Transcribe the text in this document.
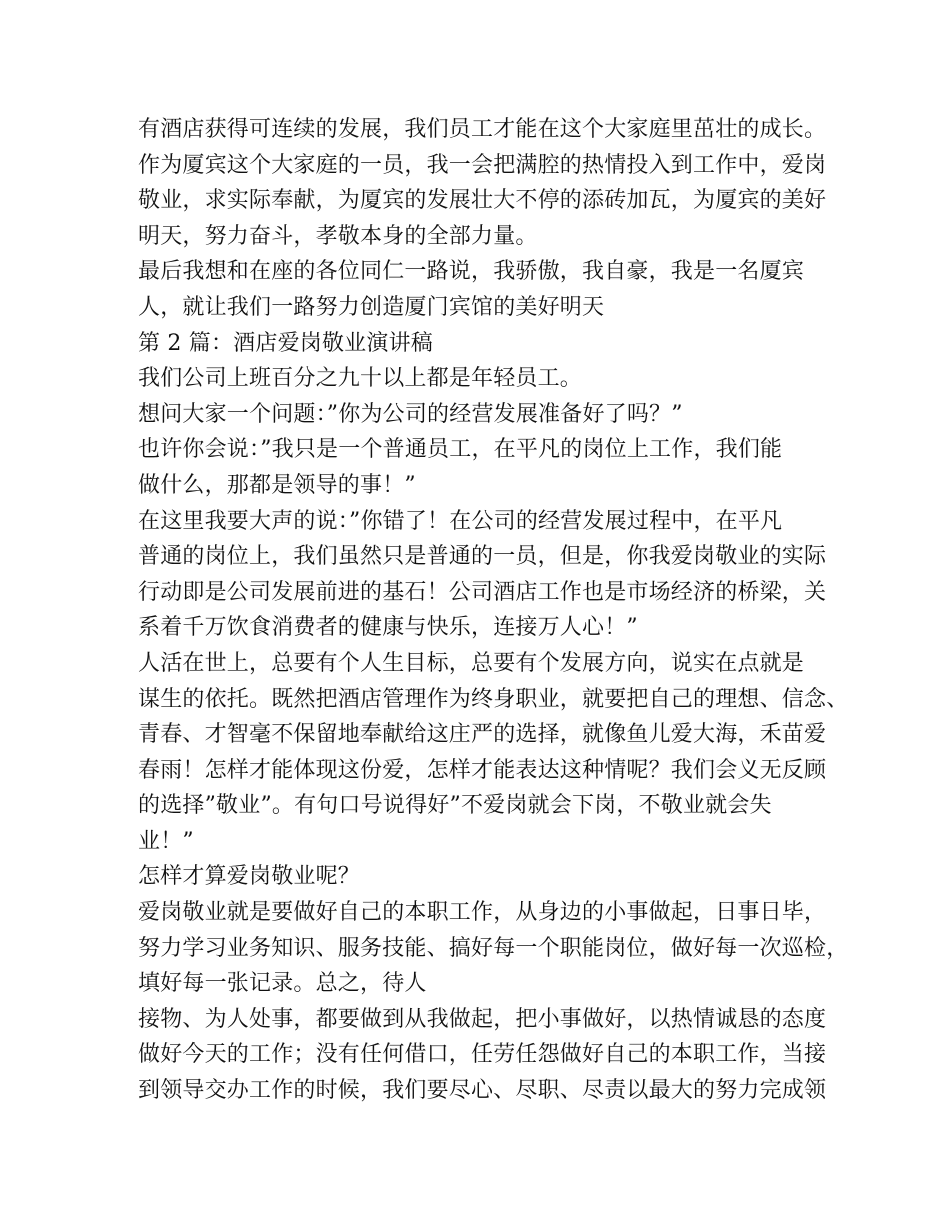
有酒店获得可连续的发展，我们员工才能在这个大家庭里茁壮的成长。
作为厦宾这个大家庭的一员，我一会把满腔的热情投入到工作中，爱岗
敬业，求实际奉献，为厦宾的发展壮大不停的添砖加瓦，为厦宾的美好
明天，努力奋斗，孝敬本身的全部力量。
最后我想和在座的各位同仁一路说，我骄傲，我自豪，我是一名厦宾
人，就让我们一路努力创造厦门宾馆的美好明天
第 2 篇：酒店爱岗敬业演讲稿
我们公司上班百分之九十以上都是年轻员工。
想问大家一个问题：”你为公司的经营发展准备好了吗？”
也许你会说：”我只是一个普通员工，在平凡的岗位上工作，我们能
做什么，那都是领导的事！”
在这里我要大声的说：”你错了！在公司的经营发展过程中，在平凡
普通的岗位上，我们虽然只是普通的一员，但是，你我爱岗敬业的实际
行动即是公司发展前进的基石！公司酒店工作也是市场经济的桥梁，关
系着千万饮食消费者的健康与快乐，连接万人心！”
人活在世上，总要有个人生目标，总要有个发展方向，说实在点就是
谋生的依托。既然把酒店管理作为终身职业，就要把自己的理想、信念、
青春、才智毫不保留地奉献给这庄严的选择，就像鱼儿爱大海，禾苗爱
春雨！怎样才能体现这份爱，怎样才能表达这种情呢？我们会义无反顾
的选择”敬业”。有句口号说得好”不爱岗就会下岗，不敬业就会失
业！”
怎样才算爱岗敬业呢？
爱岗敬业就是要做好自己的本职工作，从身边的小事做起，日事日毕，
努力学习业务知识、服务技能、搞好每一个职能岗位，做好每一次巡检，
填好每一张记录。总之，待人
接物、为人处事，都要做到从我做起，把小事做好，以热情诚恳的态度
做好今天的工作；没有任何借口，任劳任怨做好自己的本职工作，当接
到领导交办工作的时候，我们要尽心、尽职、尽责以最大的努力完成领
